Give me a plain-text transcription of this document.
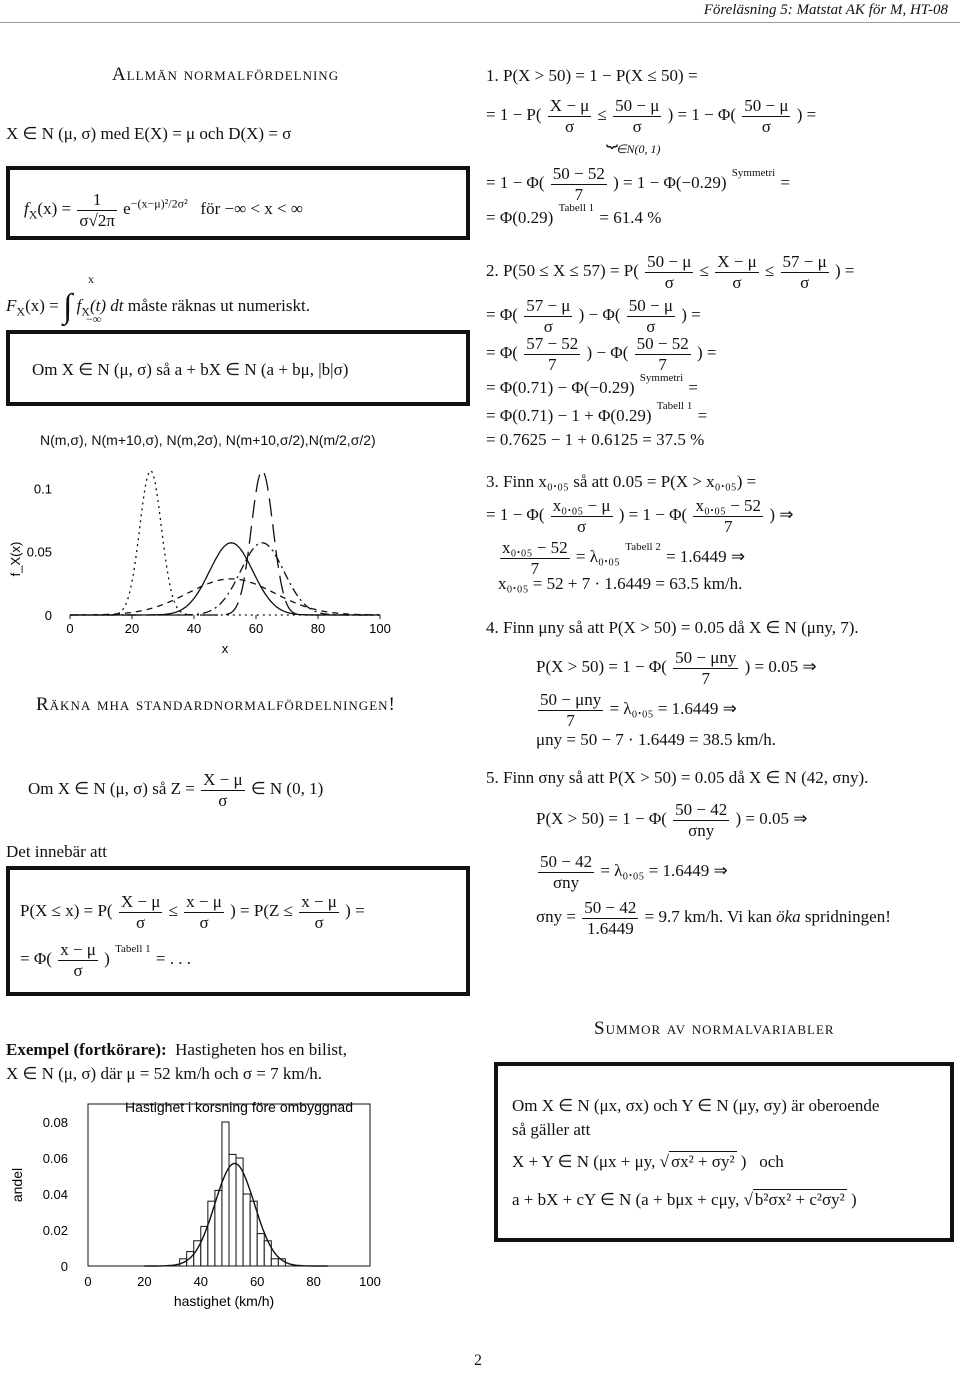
Föreläsning 5: Matstat AK för M, HT-08
Allmän normalfördelning
X ∈ N (μ, σ) med E(X) = μ och D(X) = σ
$f_X(x) = \frac{1}{\sigma√2\pi} e^{-(x-\mu)^2/2\sigma^2}$ för −∞ < x < ∞
$F_X(x)$ = ∫ $f_X(t)$ dt måste räknas ut numeriskt.
x
−∞
Om X ∈ N (μ, σ) så a + bX ∈ N (a + bμ, |b|σ)
N(m,σ), N(m+10,σ), N(m,2σ), N(m+10,σ/2),N(m/2,σ/2)
0	20	40	60	80	100
0
0.05
0.1
x
f_X(x)
Räkna mha standardnormalfördelningen!
Om X ∈ N (μ, σ) så $Z = \frac{X - \mu}{\sigma}$ ∈ N (0, 1)
Det innebär att
$P(X \le x) = P( \frac{X - \mu}{\sigma} \le \frac{x - \mu}{\sigma}$ ) = $P(Z \le \frac{x - \mu}{\sigma}$ ) =
= $\Phi( \frac{x - \mu}{\sigma}$ ) $^{Tabell 1}$ = . . .
Exempel (fortkörare): Hastigheten hos en bilist,
X ∈ N (μ, σ) där μ = 52 km/h och σ = 7 km/h.
Hastighet i korsning före ombyggnad
0	20	40	60	80	100
0
0.02
0.04
0.06
0.08
hastighet (km/h)
andel
1. P(X > 50) = 1 − P(X ≤ 50) =
= $1 - P( \frac{X - \mu}{\sigma} \le \frac{50 - \mu}{\sigma}$ ) = $1 - \Phi( \frac{50 - \mu}{\sigma}$ ) =
⏟
∈N(0, 1)
= $1 - \Phi( \frac{50 - 52}{7}$ ) = 1 − Φ(−0.29) $^{Symmetri}$ =
= Φ(0.29) $^{Tabell 1}$ = 61.4 %
2. $P(50 \le X \le 57) = P( \frac{50 - \mu}{\sigma} \le \frac{X - \mu}{\sigma} \le \frac{57 - \mu}{\sigma}$ ) =
= $\Phi( \frac{57 - \mu}{\sigma}$ ) − $\Phi( \frac{50 - \mu}{\sigma}$ ) =
= $\Phi( \frac{57 - 52}{7}$ ) − $\Phi( \frac{50 - 52}{7}$ ) =
= Φ(0.71) − Φ(−0.29) $^{Symmetri}$ =
= Φ(0.71) − 1 + Φ(0.29) $^{Tabell 1}$ =
= 0.7625 − 1 + 0.6125 = 37.5 %
3. Finn x₀.₀₅ så att 0.05 = P(X > x₀.₀₅) =
= $1 - \Phi( \frac{\text{x₀.₀₅ − μ}}{\sigma}$ ) = $1 - \Phi( \frac{\text{x₀.₀₅ − 52}}{7}$ ) ⇒
$\frac{\text{x₀.₀₅ − 52}}{7} = \lambda_0._{05}$ $^{Tabell 2}$ = 1.6449 ⇒
x₀.₀₅ = 52 + 7 · 1.6449 = 63.5 km/h.
4. Finn μny så att P(X > 50) = 0.05 då X ∈ N (μny, 7).
$P(X > 50) = 1 - \Phi( \frac{\text{50 − μny}}{7}$ ) = 0.05 ⇒
$\frac{\text{50 − μny}}{7} = \lambda_0._{05} = 1.6449$ ⇒
μny = 50 − 7 · 1.6449 = 38.5 km/h.
5. Finn σny så att P(X > 50) = 0.05 då X ∈ N (42, σny).
$P(X > 50) = 1 - \Phi( \frac{50 - 42}{\text{σny}}$ ) = 0.05 ⇒
$\frac{50 - 42}{\text{σny}} = \lambda_0._{05} = 1.6449$ ⇒
$\sigma ny = \frac{50 - 42}{1.6449} = 9.7$ km/h. Vi kan öka spridningen!
Summor av normalvariabler
Om X ∈ N (μx, σx) och Y ∈ N (μy, σy) är oberoende
så gäller att
X + Y ∈ N (μx + μy, √ σx² + σy² ) och
a + bX + cY ∈ N (a + bμx + cμy, √ b²σx² + c²σy² )
2
